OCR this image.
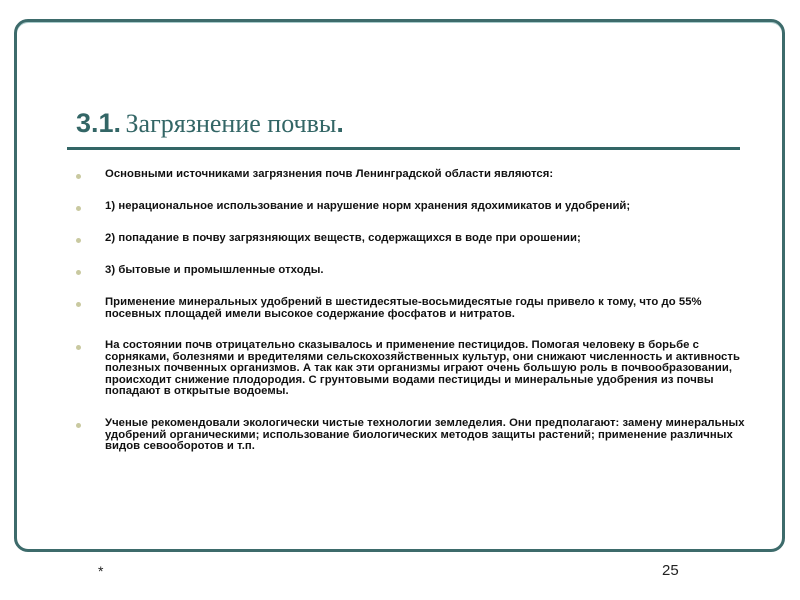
3.1. Загрязнение почвы.
Основными источниками загрязнения почв Ленинградской области являются:
1) нерациональное использование и нарушение норм хранения ядохимикатов и удобрений;
2) попадание в почву загрязняющих веществ, содержащихся в воде при орошении;
3) бытовые и промышленные отходы.
Применение минеральных удобрений в шестидесятые-восьмидесятые годы привело к тому, что до 55% посевных площадей имели высокое содержание фосфатов и нитратов.
На состоянии почв отрицательно сказывалось и применение пестицидов. Помогая человеку в борьбе с сорняками, болезнями и вредителями сельскохозяйственных культур, они снижают численность и активность полезных почвенных организмов. А так как эти организмы играют очень большую роль в почвообразовании, происходит снижение плодородия. С грунтовыми водами пестициды и минеральные удобрения из почвы попадают в открытые водоемы.
Ученые рекомендовали экологически чистые технологии земледелия. Они предполагают: замену минеральных удобрений органическими; использование биологических методов защиты растений; применение различных видов севооборотов и т.п.
*	25
